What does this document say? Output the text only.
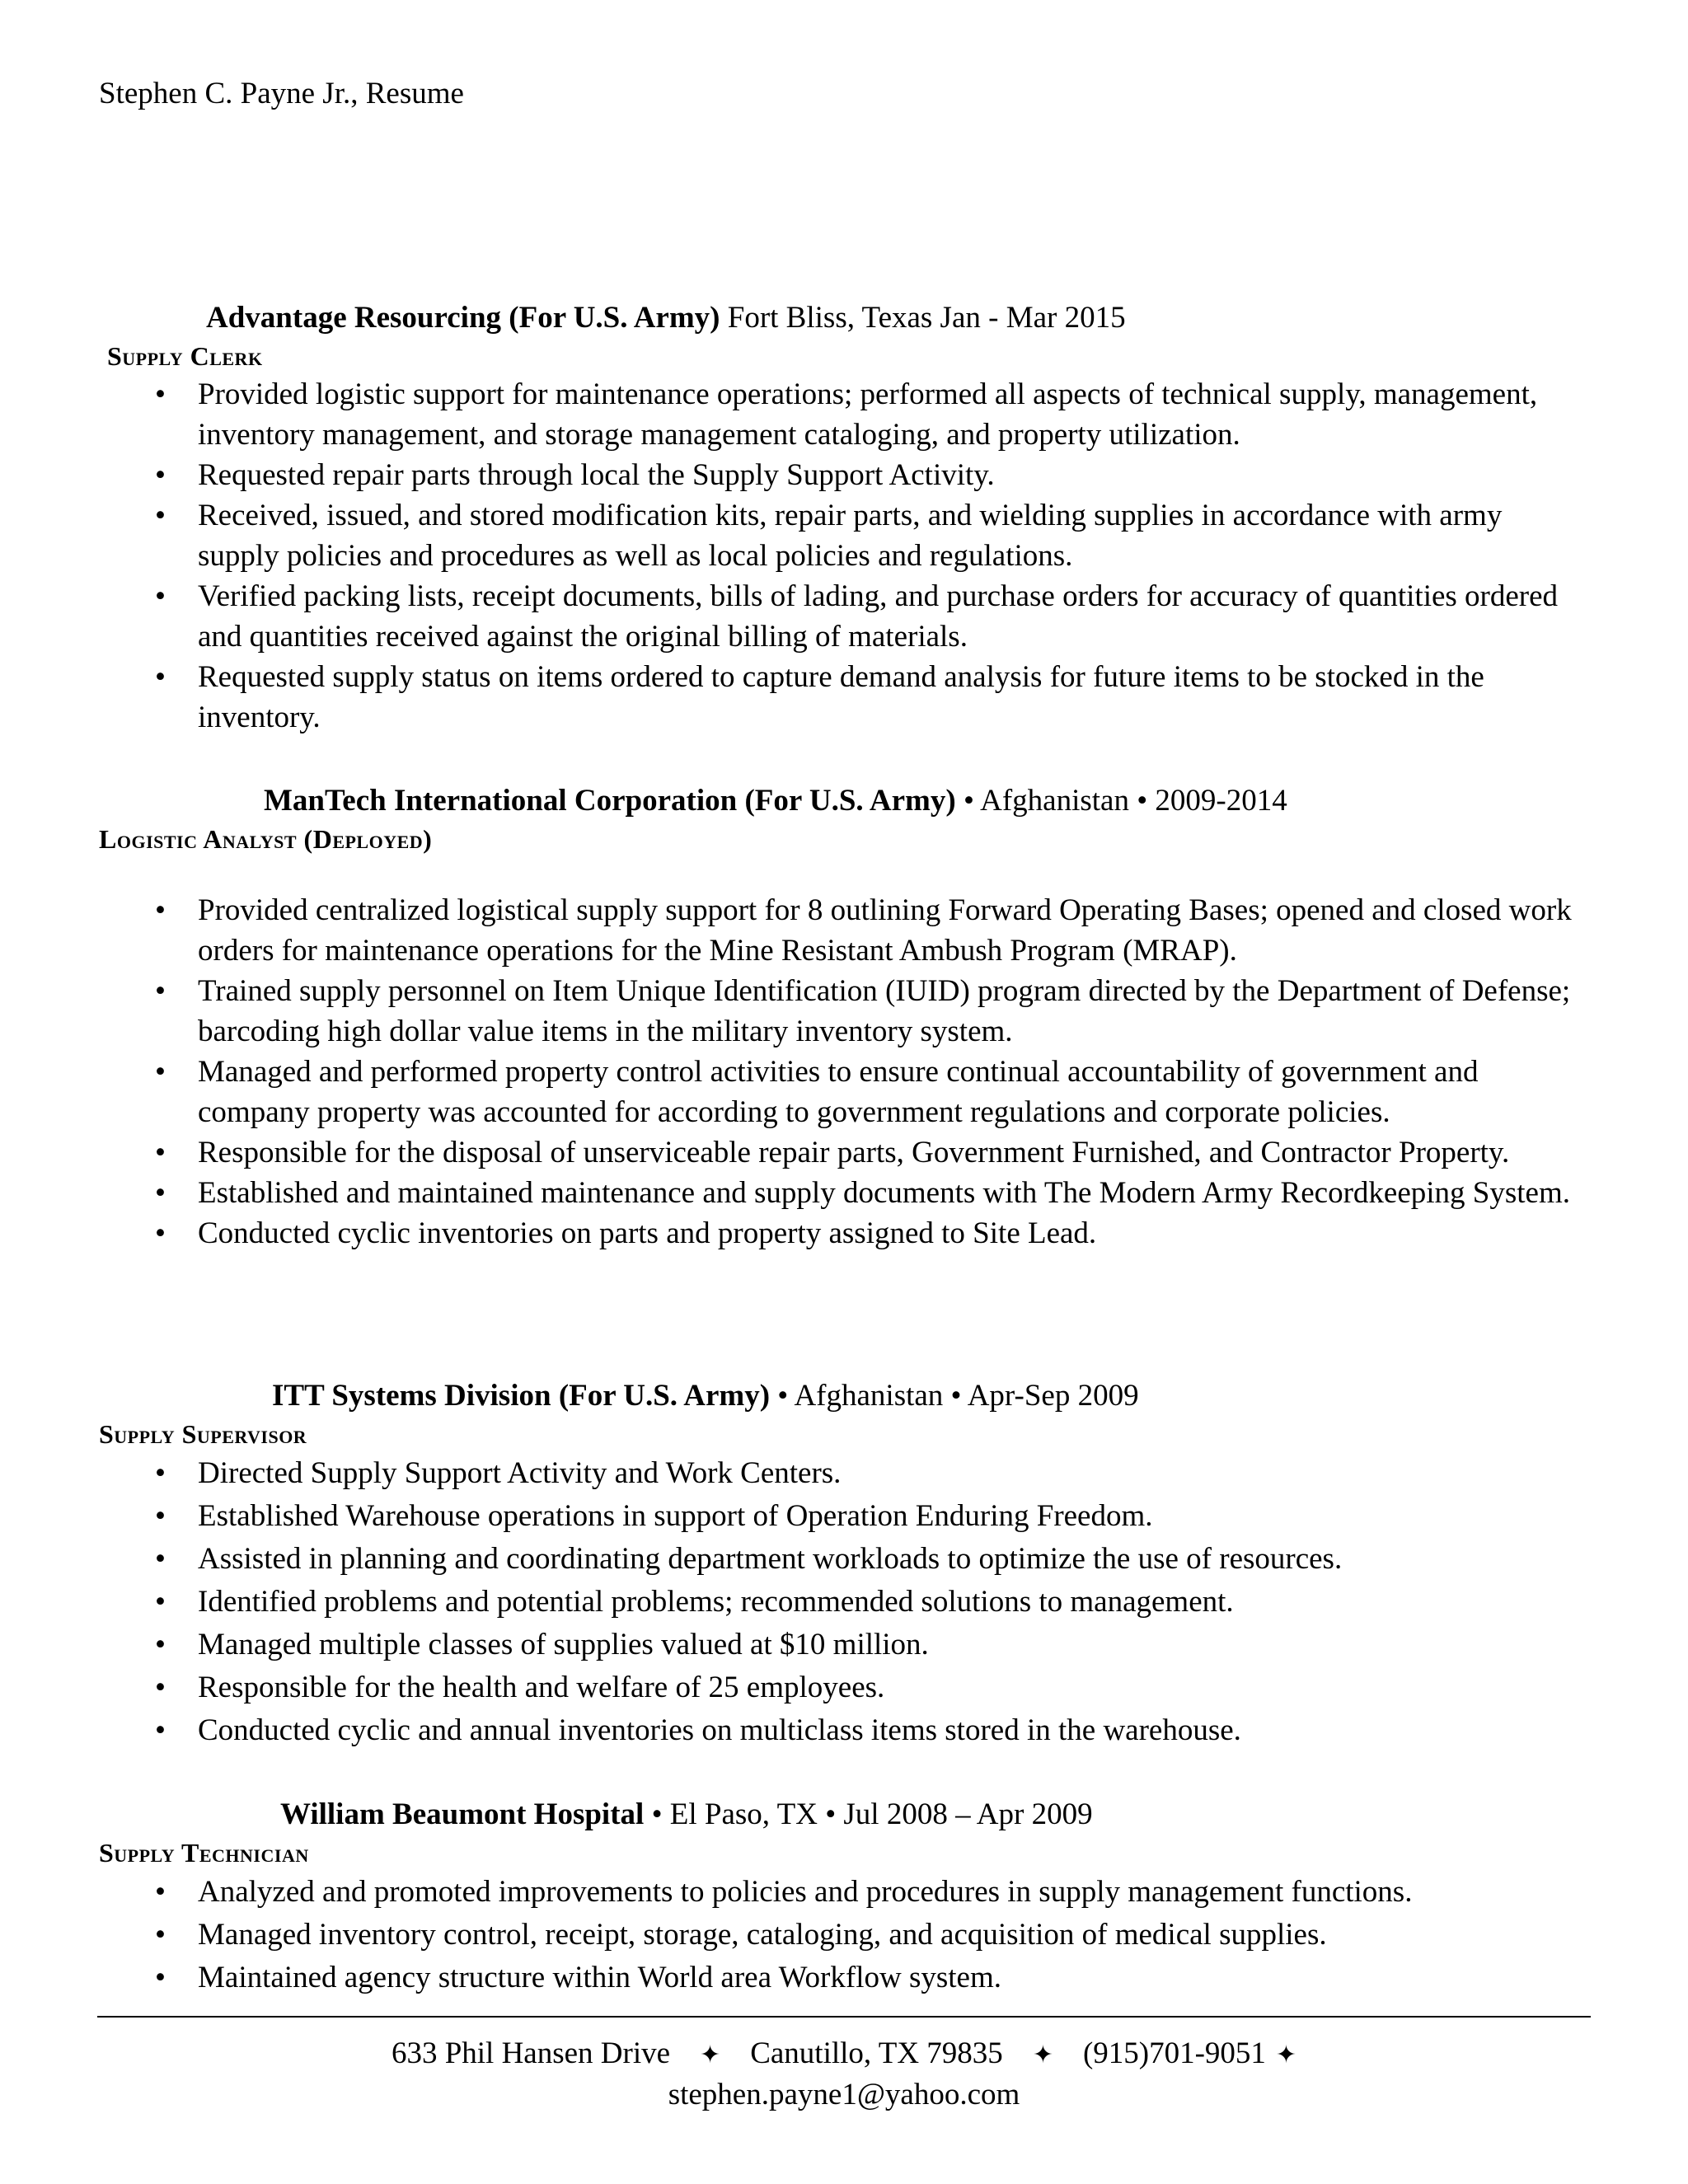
Stephen C. Payne Jr., Resume
Advantage Resourcing (For U.S. Army) Fort Bliss, Texas Jan - Mar 2015
Supply Clerk
• Provided logistic support for maintenance operations; performed all aspects of technical supply, management, inventory management, and storage management cataloging, and property utilization.
• Requested repair parts through local the Supply Support Activity.
• Received, issued, and stored modification kits, repair parts, and wielding supplies in accordance with army supply policies and procedures as well as local policies and regulations.
• Verified packing lists, receipt documents, bills of lading, and purchase orders for accuracy of quantities ordered and quantities received against the original billing of materials.
• Requested supply status on items ordered to capture demand analysis for future items to be stocked in the inventory.
ManTech International Corporation (For U.S. Army) • Afghanistan • 2009-2014
Logistic Analyst (Deployed)
• Provided centralized logistical supply support for 8 outlining Forward Operating Bases; opened and closed work orders for maintenance operations for the Mine Resistant Ambush Program (MRAP).
• Trained supply personnel on Item Unique Identification (IUID) program directed by the Department of Defense; barcoding high dollar value items in the military inventory system.
• Managed and performed property control activities to ensure continual accountability of government and company property was accounted for according to government regulations and corporate policies.
• Responsible for the disposal of unserviceable repair parts, Government Furnished, and Contractor Property.
• Established and maintained maintenance and supply documents with The Modern Army Recordkeeping System.
• Conducted cyclic inventories on parts and property assigned to Site Lead.
ITT Systems Division (For U.S. Army) • Afghanistan • Apr-Sep 2009
Supply Supervisor
• Directed Supply Support Activity and Work Centers.
• Established Warehouse operations in support of Operation Enduring Freedom.
• Assisted in planning and coordinating department workloads to optimize the use of resources.
• Identified problems and potential problems; recommended solutions to management.
• Managed multiple classes of supplies valued at $10 million.
• Responsible for the health and welfare of 25 employees.
• Conducted cyclic and annual inventories on multiclass items stored in the warehouse.
William Beaumont Hospital • El Paso, TX • Jul 2008 – Apr 2009
Supply Technician
• Analyzed and promoted improvements to policies and procedures in supply management functions.
• Managed inventory control, receipt, storage, cataloging, and acquisition of medical supplies.
• Maintained agency structure within World area Workflow system.
633 Phil Hansen Drive ✦ Canutillo, TX 79835 ✦ (915)701-9051 ✦
stephen.payne1@yahoo.com
